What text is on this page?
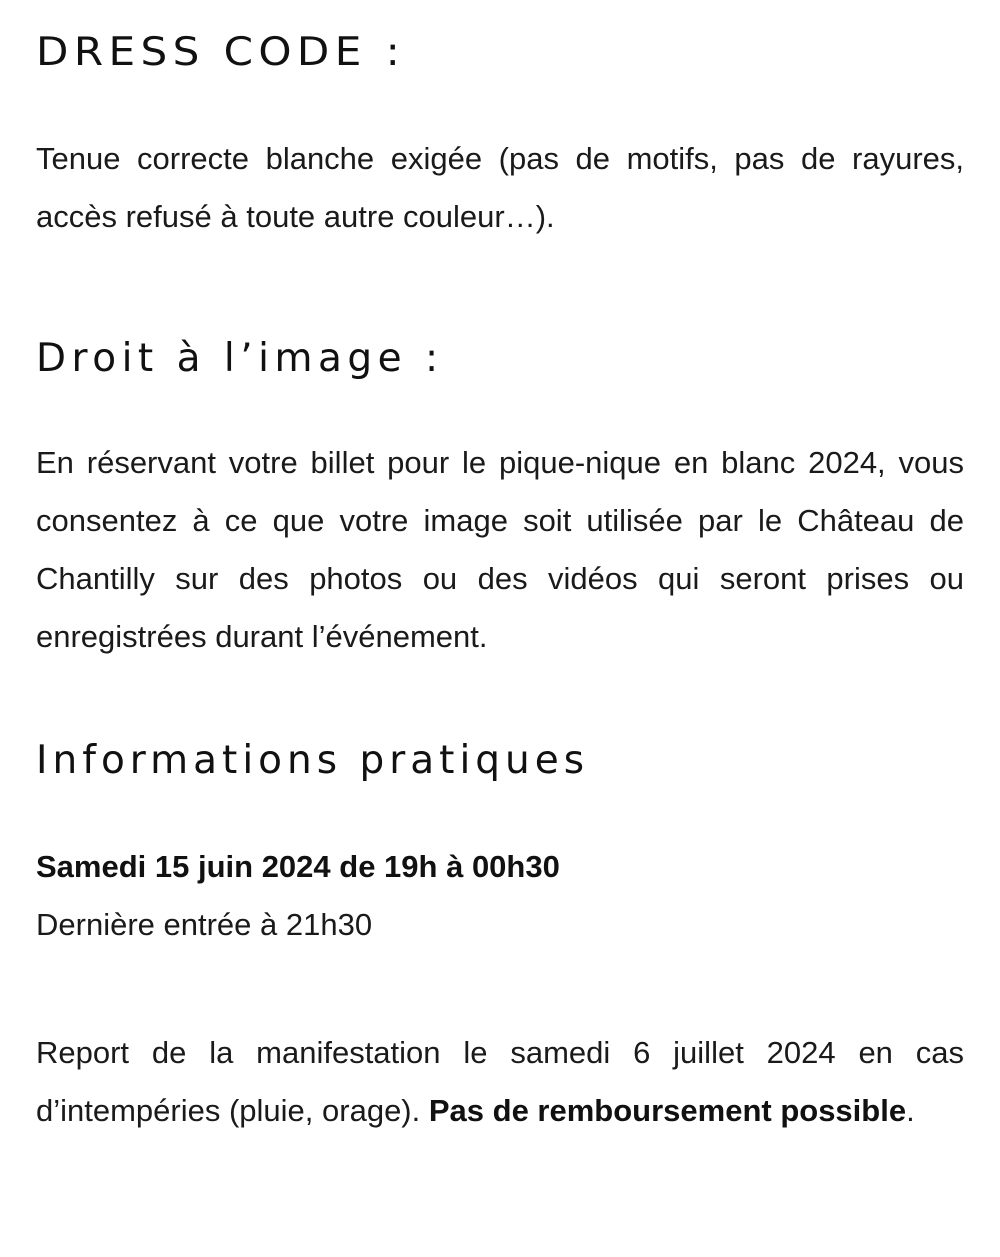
DRESS CODE :

Tenue correcte blanche exigée (pas de motifs, pas de rayures, accès refusé à toute autre couleur…).

Droit à l’image :

En réservant votre billet pour le pique-nique en blanc 2024, vous consentez à ce que votre image soit utilisée par le Château de Chantilly sur des photos ou des vidéos qui seront prises ou enregistrées durant l’événement.

Informations pratiques

Samedi 15 juin 2024 de 19h à 00h30

Dernière entrée à 21h30

Report de la manifestation le samedi 6 juillet 2024 en cas d’intempéries (pluie, orage). Pas de remboursement possible.
